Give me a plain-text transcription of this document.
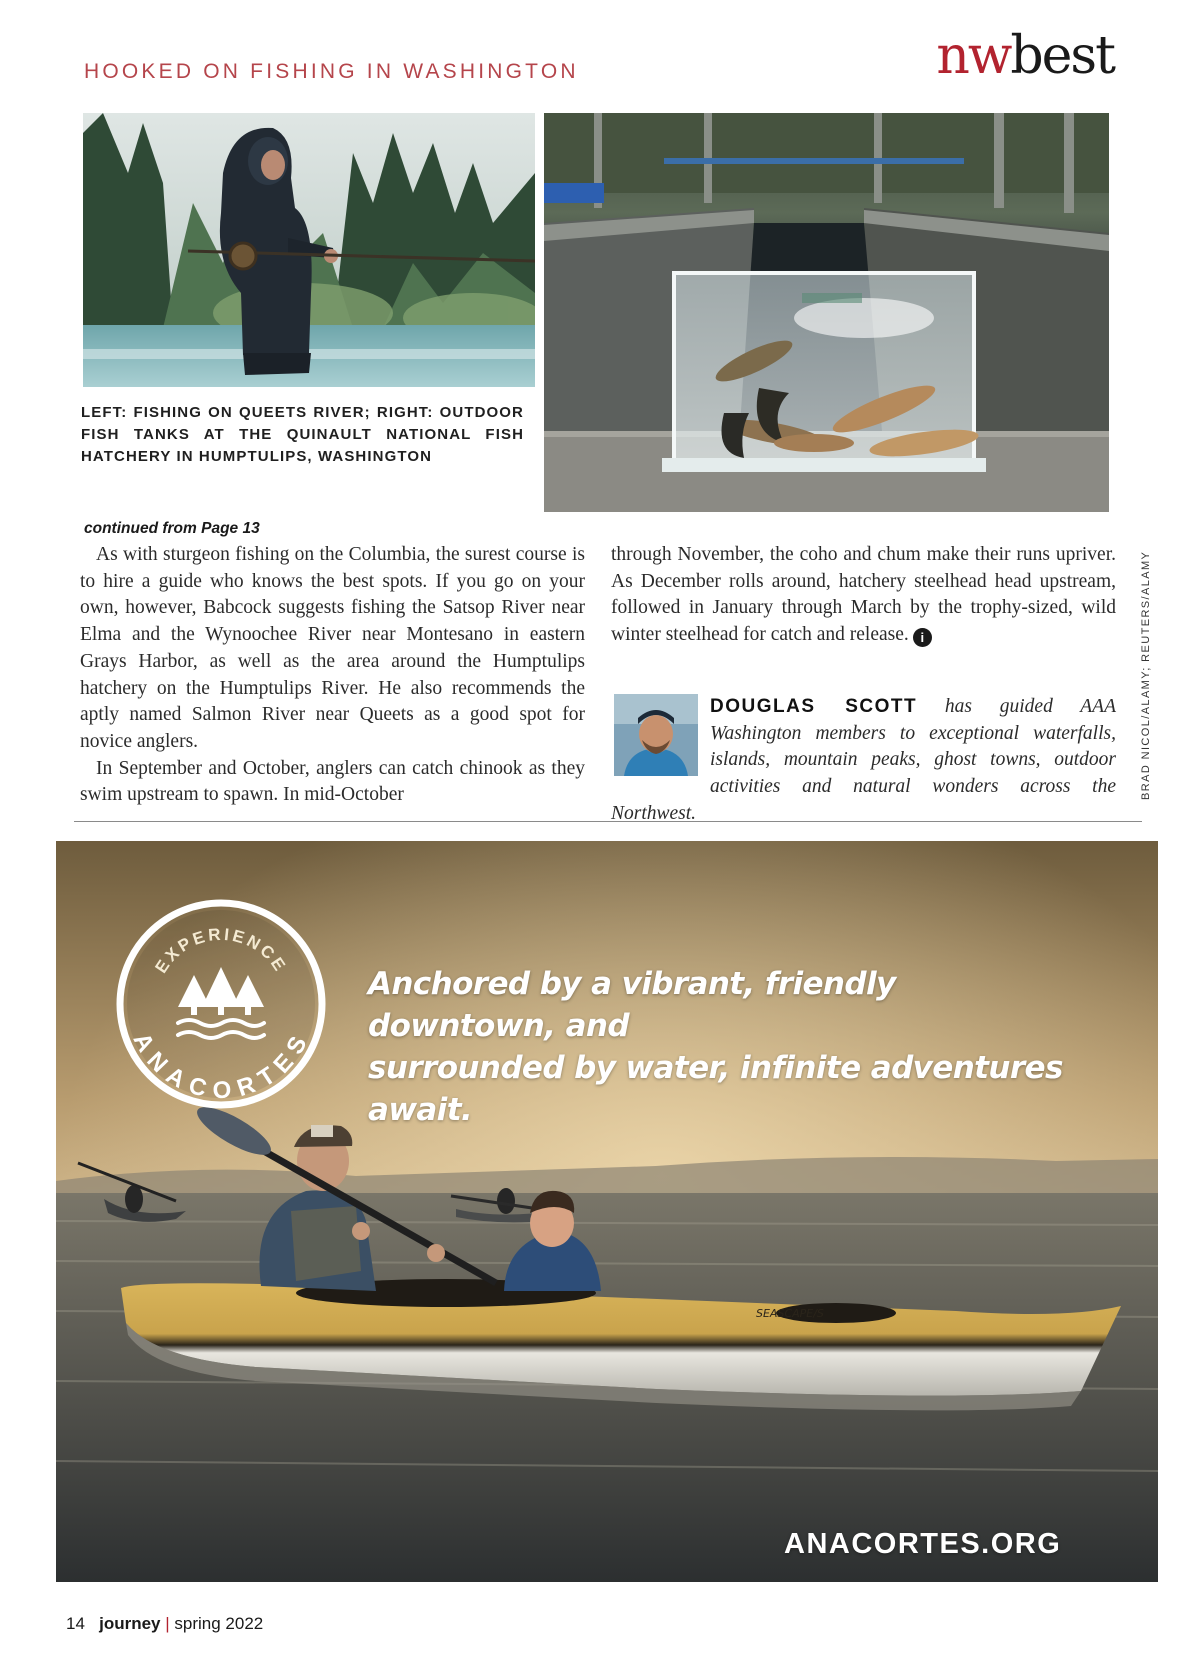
HOOKED ON FISHING IN WASHINGTON	nwbest
LEFT: FISHING ON QUEETS RIVER; RIGHT: OUTDOOR FISH TANKS AT THE QUINAULT NATIONAL FISH HATCHERY IN HUMPTULIPS, WASHINGTON
continued from Page 13

As with sturgeon fishing on the Columbia, the surest course is to hire a guide who knows the best spots. If you go on your own, however, Babcock suggests fishing the Satsop River near Elma and the Wynoochee River near Montesano in eastern Grays Harbor, as well as the area around the Humptulips hatchery on the Humptulips River. He also recommends the aptly named Salmon River near Queets as a good spot for novice anglers.

In September and October, anglers can catch chinook as they swim upstream to spawn. In mid-October

through November, the coho and chum make their runs upriver. As December rolls around, hatchery steelhead head upstream, followed in January through March by the trophy-sized, wild winter steelhead for catch and release. i

DOUGLAS SCOTT has guided AAA Washington members to exceptional waterfalls, islands, mountain peaks, ghost towns, outdoor activities and natural wonders across the Northwest.

BRAD NICOL/ALAMY; REUTERS/ALAMY
SEASCAPE/S
EXPERIENCE
ANACORTES
Anchored by a vibrant, friendly downtown, and
surrounded by water, infinite adventures await.
ANACORTES.ORG
14 journey | spring 2022
